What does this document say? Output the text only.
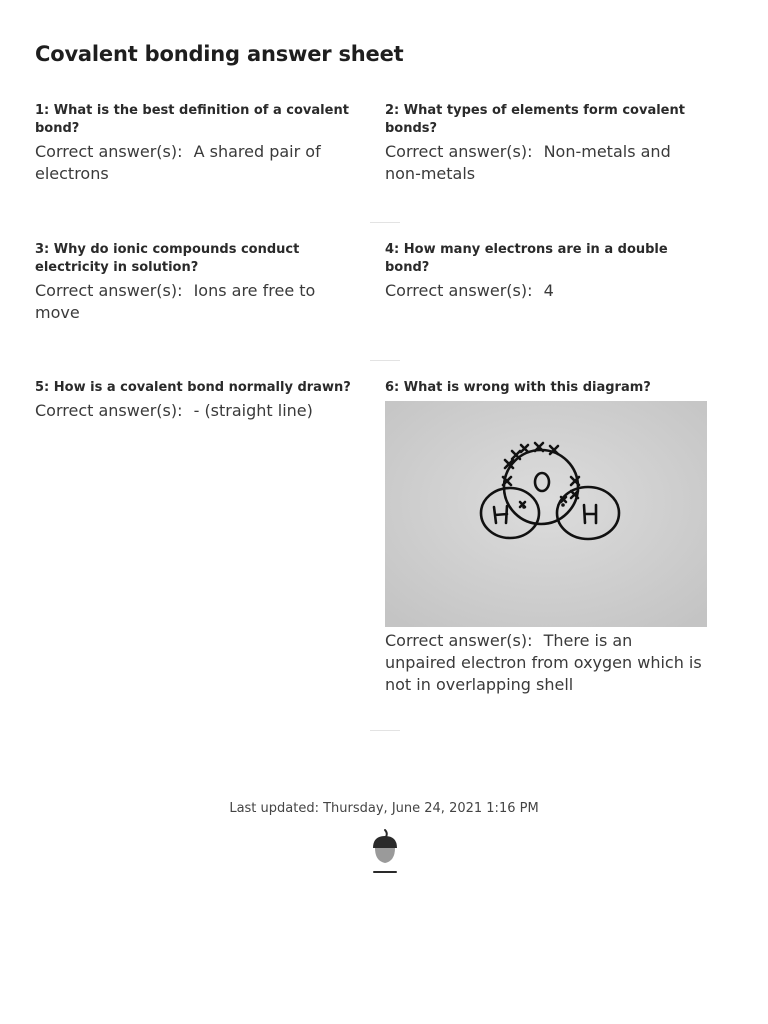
Covalent bonding answer sheet
1: What is the best definition of a covalent bond?
Correct answer(s): A shared pair of electrons
2: What types of elements form covalent bonds?
Correct answer(s): Non-metals and non-metals
3: Why do ionic compounds conduct electricity in solution?
Correct answer(s): Ions are free to move
4: How many electrons are in a double bond?
Correct answer(s): 4
5: How is a covalent bond normally drawn?
Correct answer(s): - (straight line)
6: What is wrong with this diagram?
Correct answer(s): There is an unpaired electron from oxygen which is not in overlapping shell
Last updated: Thursday, June 24, 2021 1:16 PM
